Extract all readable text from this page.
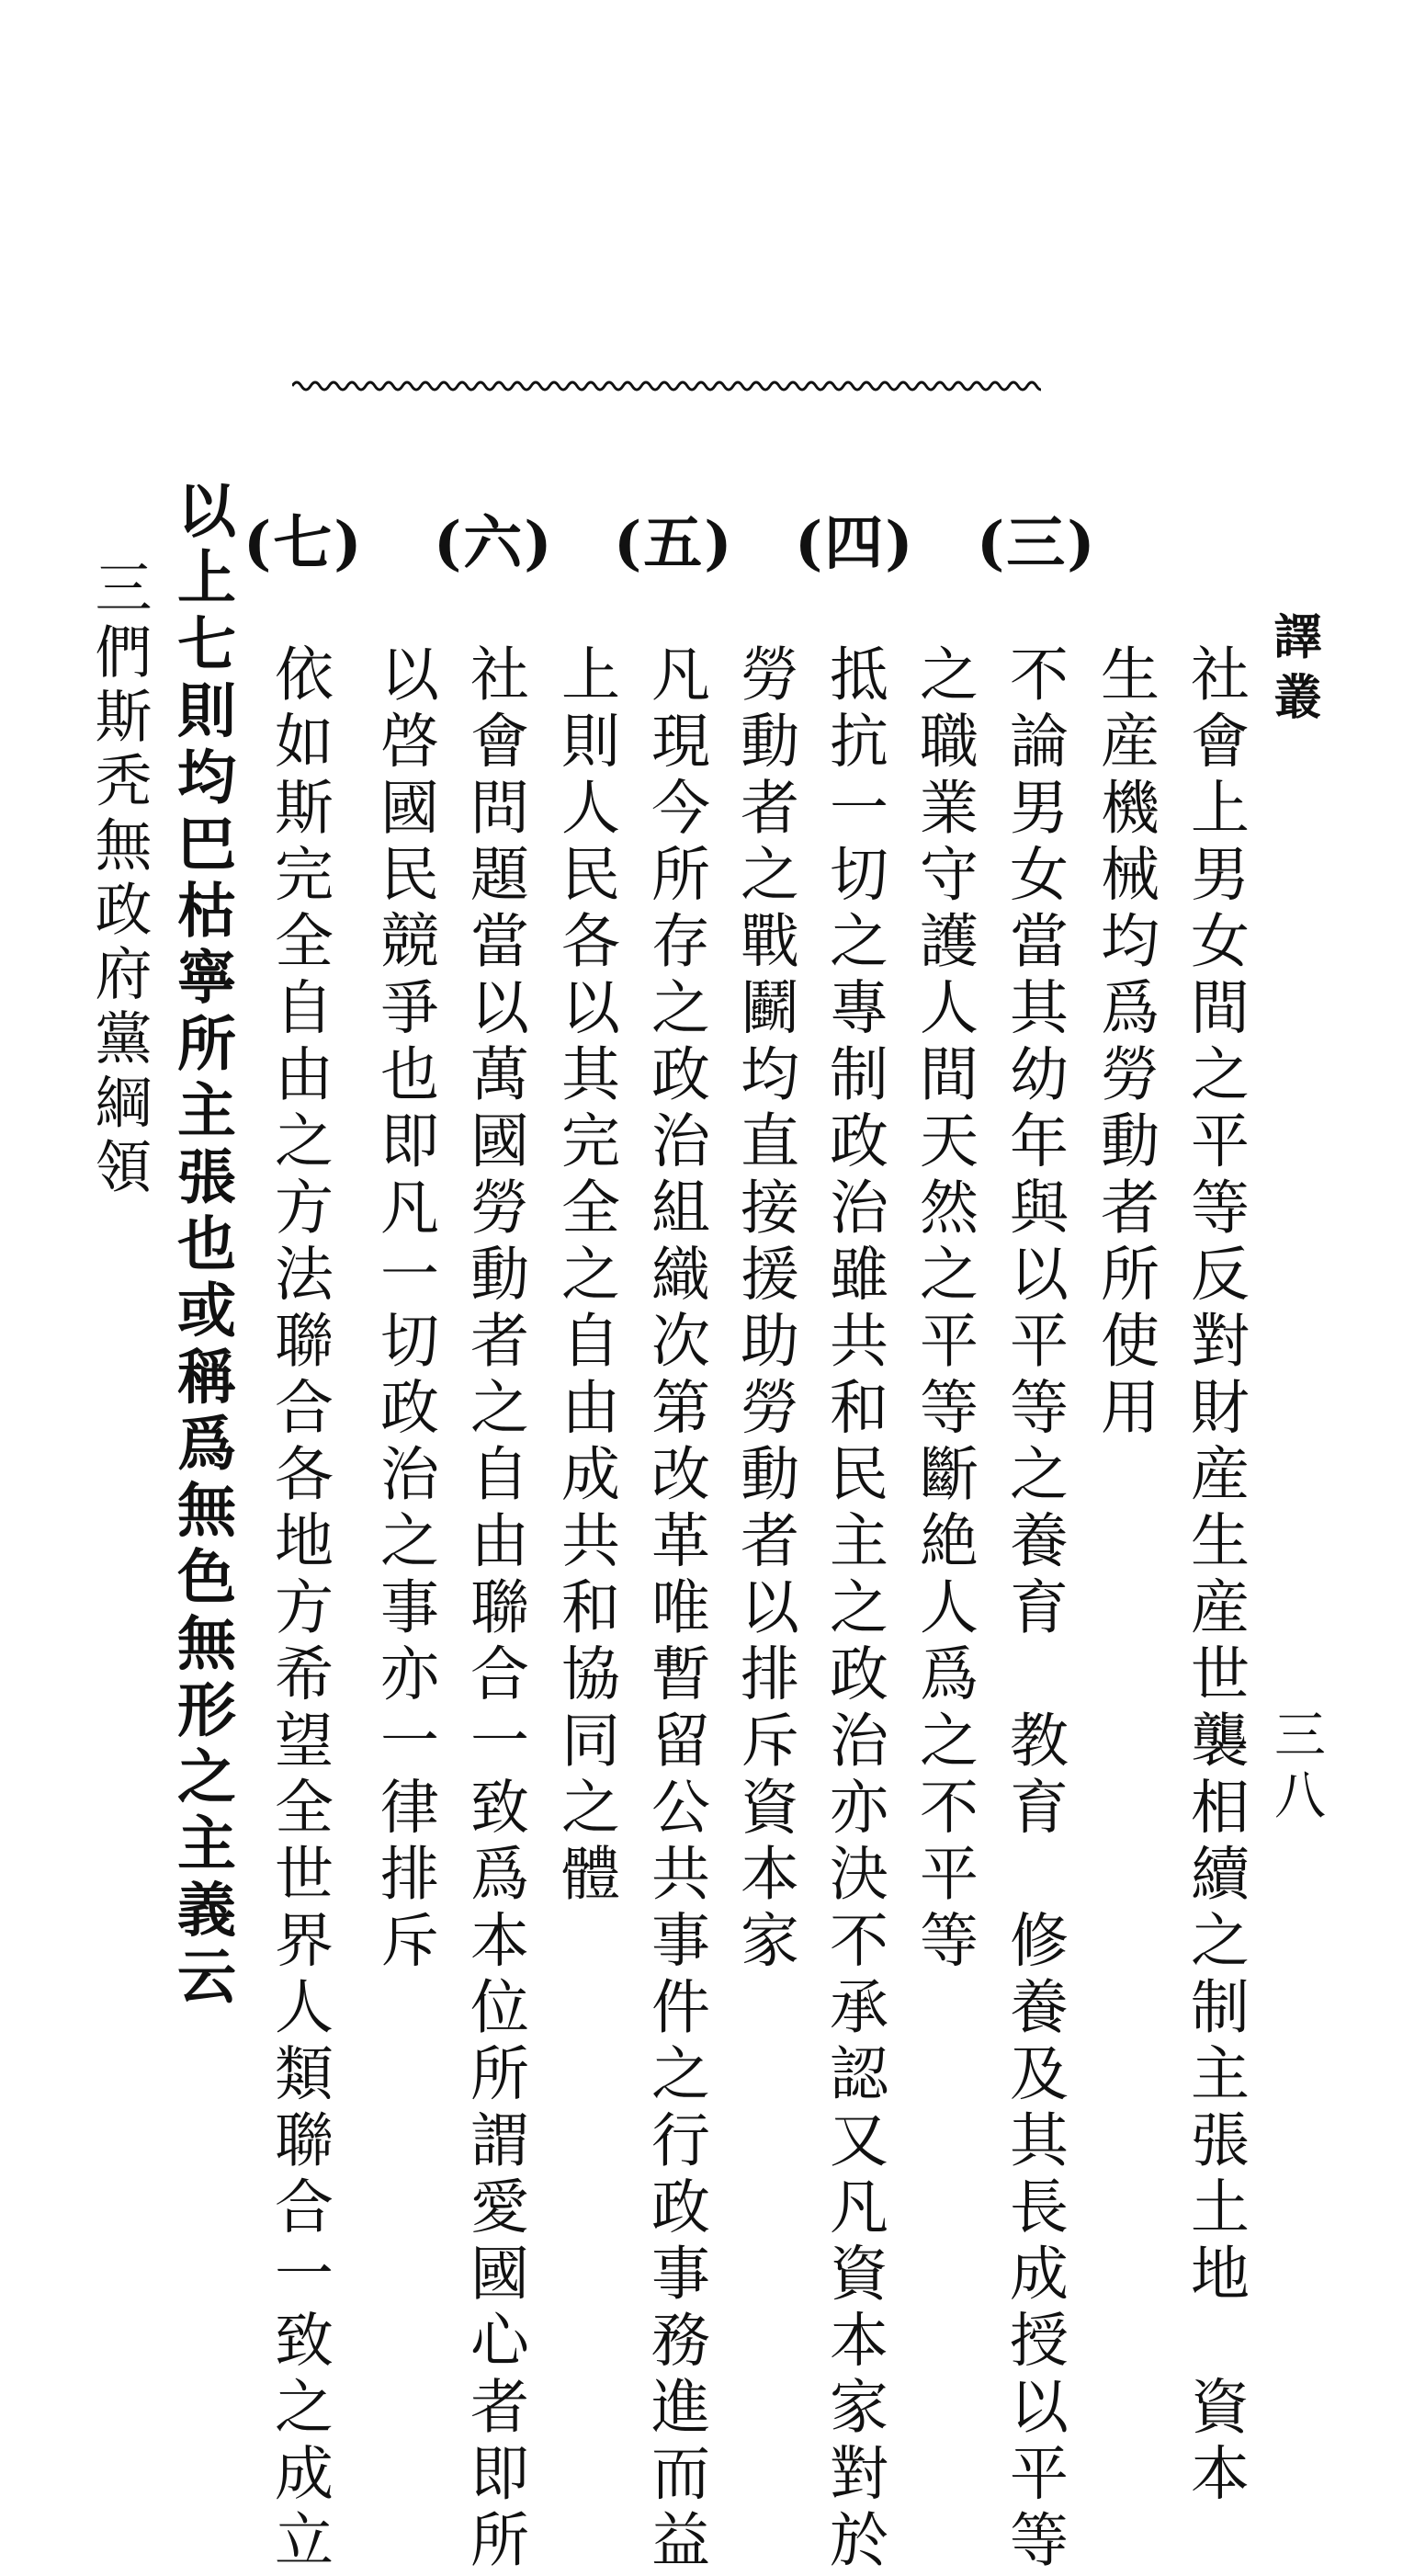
譯叢
三八
(三)
社會上男女間之平等反對財産生産世襲相續之制主張土地　資本
生産機械均爲勞動者所使用
(四)
不論男女當其幼年與以平等之養育　教育　修養及其長成授以平等
之職業守護人間天然之平等斷絶人爲之不平等
(五)
抵抗一切之專制政治雖共和民主之政治亦決不承認又凡資本家對於
勞動者之戰鬬均直接援助勞動者以排斥資本家
(六)
凡現今所存之政治組織次第改革唯暫留公共事件之行政事務進而益
上則人民各以其完全之自由成共和協同之體
(七)
社會問題當以萬國勞動者之自由聯合一致爲本位所謂愛國心者即所
以啓國民競爭也即凡一切政治之事亦一律排斥
依如斯完全自由之方法聯合各地方希望全世界人類聯合一致之成立
以上七則均巴枯寧所主張也或稱爲無色無形之主義云
三們斯秃無政府黨綱領
